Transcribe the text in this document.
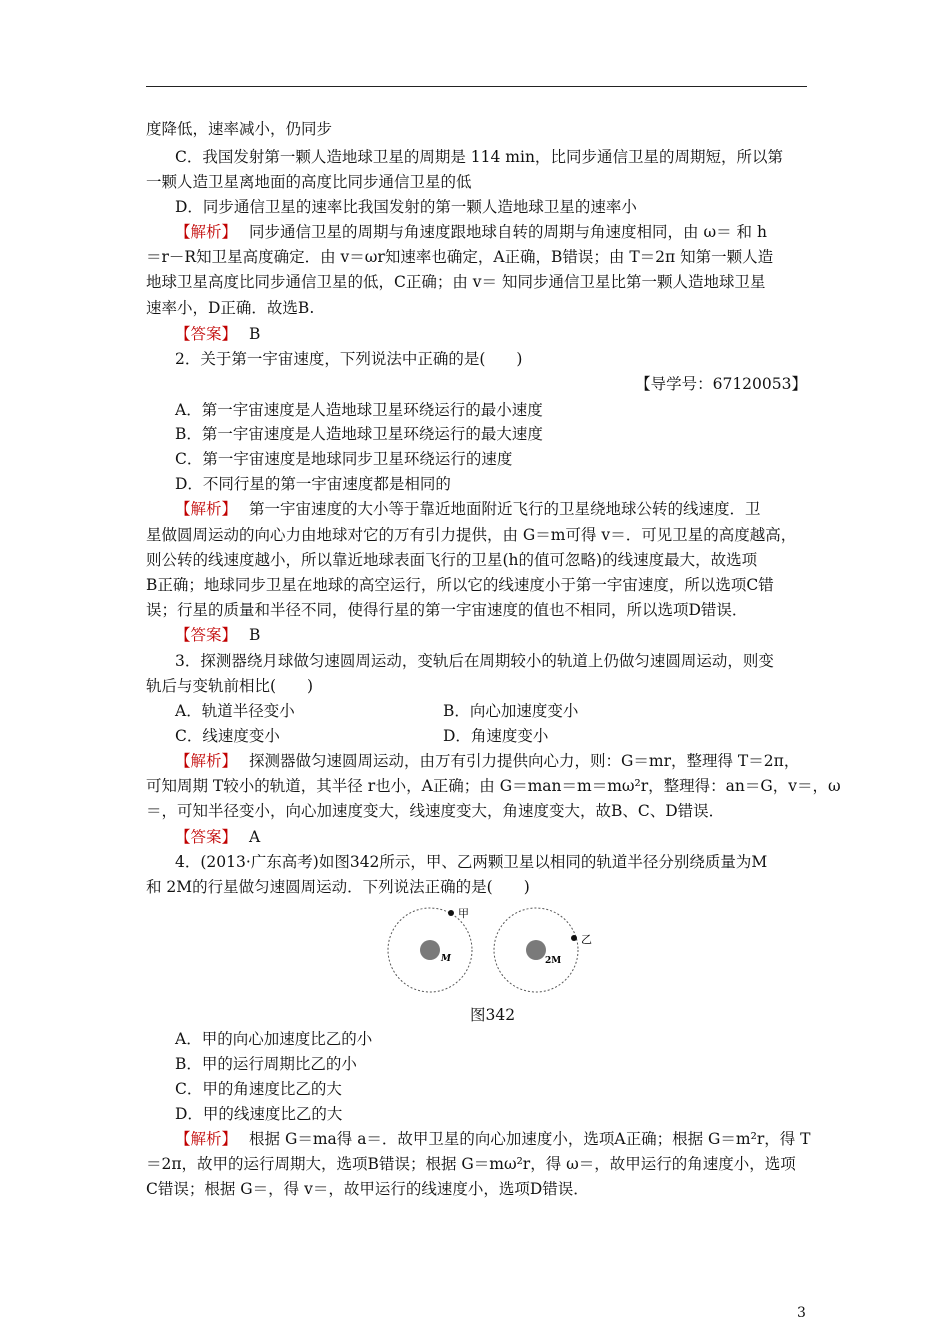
度降低，速率减小，仍同步
C．我国发射第一颗人造地球卫星的周期是 114 min，比同步通信卫星的周期短，所以第
一颗人造卫星离地面的高度比同步通信卫星的低
D．同步通信卫星的速率比我国发射的第一颗人造地球卫星的速率小
【解析】 同步通信卫星的周期与角速度跟地球自转的周期与角速度相同，由 ω＝ 和 h
＝r－R知卫星高度确定．由 v＝ωr知速率也确定，A正确，B错误；由 T＝2π 知第一颗人造
地球卫星高度比同步通信卫星的低，C正确；由 v＝ 知同步通信卫星比第一颗人造地球卫星
速率小，D正确．故选B.
【答案】 B
2．关于第一宇宙速度，下列说法中正确的是(　　)
【导学号：67120053】
A．第一宇宙速度是人造地球卫星环绕运行的最小速度
B．第一宇宙速度是人造地球卫星环绕运行的最大速度
C．第一宇宙速度是地球同步卫星环绕运行的速度
D．不同行星的第一宇宙速度都是相同的
【解析】 第一宇宙速度的大小等于靠近地面附近飞行的卫星绕地球公转的线速度．卫
星做圆周运动的向心力由地球对它的万有引力提供，由 G＝m可得 v＝．可见卫星的高度越高，
则公转的线速度越小，所以靠近地球表面飞行的卫星(h的值可忽略)的线速度最大，故选项
B正确；地球同步卫星在地球的高空运行，所以它的线速度小于第一宇宙速度，所以选项C错
误；行星的质量和半径不同，使得行星的第一宇宙速度的值也不相同，所以选项D错误．
【答案】 B
3．探测器绕月球做匀速圆周运动，变轨后在周期较小的轨道上仍做匀速圆周运动，则变
轨后与变轨前相比(　　)
A．轨道半径变小	B．向心加速度变小
C．线速度变小	D．角速度变小
【解析】 探测器做匀速圆周运动，由万有引力提供向心力，则：G＝mr，整理得 T＝2π，
可知周期 T较小的轨道，其半径 r也小，A正确；由 G＝man＝m＝mω²r，整理得：an＝G，v＝，ω
＝，可知半径变小，向心加速度变大，线速度变大，角速度变大，故B、C、D错误．
【答案】 A
4．(2013·广东高考)如图342所示，甲、乙两颗卫星以相同的轨道半径分别绕质量为M
和 2M的行星做匀速圆周运动．下列说法正确的是(　　)
M
甲
2M
乙
图342
A．甲的向心加速度比乙的小
B．甲的运行周期比乙的小
C．甲的角速度比乙的大
D．甲的线速度比乙的大
【解析】 根据 G＝ma得 a＝．故甲卫星的向心加速度小，选项A正确；根据 G＝m²r，得 T
＝2π，故甲的运行周期大，选项B错误；根据 G＝mω²r，得 ω＝，故甲运行的角速度小，选项
C错误；根据 G＝，得 v＝，故甲运行的线速度小，选项D错误．
3
